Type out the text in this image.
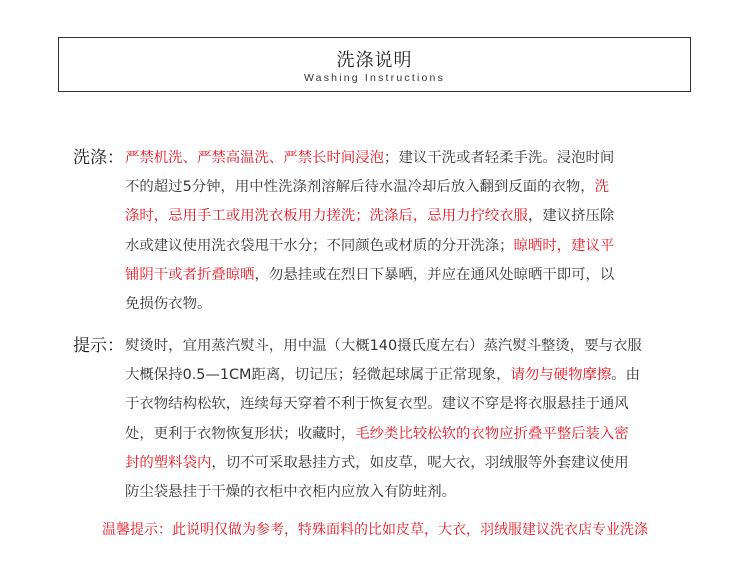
洗涤说明
Washing Instructions
洗涤： 严禁机洗、严禁高温洗、严禁长时间浸泡；建议干洗或者轻柔手洗。浸泡时间
不的超过5分钟，用中性洗涤剂溶解后待水温冷却后放入翻到反面的衣物，洗
涤时，忌用手工或用洗衣板用力搓洗；洗涤后，忌用力拧绞衣服，建议挤压除
水或建议使用洗衣袋甩干水分；不同颜色或材质的分开洗涤；晾晒时，建议平
铺阴干或者折叠晾晒，勿悬挂或在烈日下暴晒，并应在通风处晾晒干即可，以
免损伤衣物。
提示： 熨烫时，宜用蒸汽熨斗，用中温（大概140摄氏度左右）蒸汽熨斗整烫，要与衣服
大概保持0.5—1CM距离，切记压；轻微起球属于正常现象，请勿与硬物摩擦。由
于衣物结构松软，连续每天穿着不利于恢复衣型。建议不穿是将衣服悬挂于通风
处，更利于衣物恢复形状；收藏时，毛纱类比较松软的衣物应折叠平整后装入密
封的塑料袋内，切不可采取悬挂方式，如皮草，呢大衣，羽绒服等外套建议使用
防尘袋悬挂于干燥的衣柜中衣柜内应放入有防蛀剂。
温馨提示：此说明仅做为参考，特殊面料的比如皮草，大衣，羽绒服建议洗衣店专业洗涤
